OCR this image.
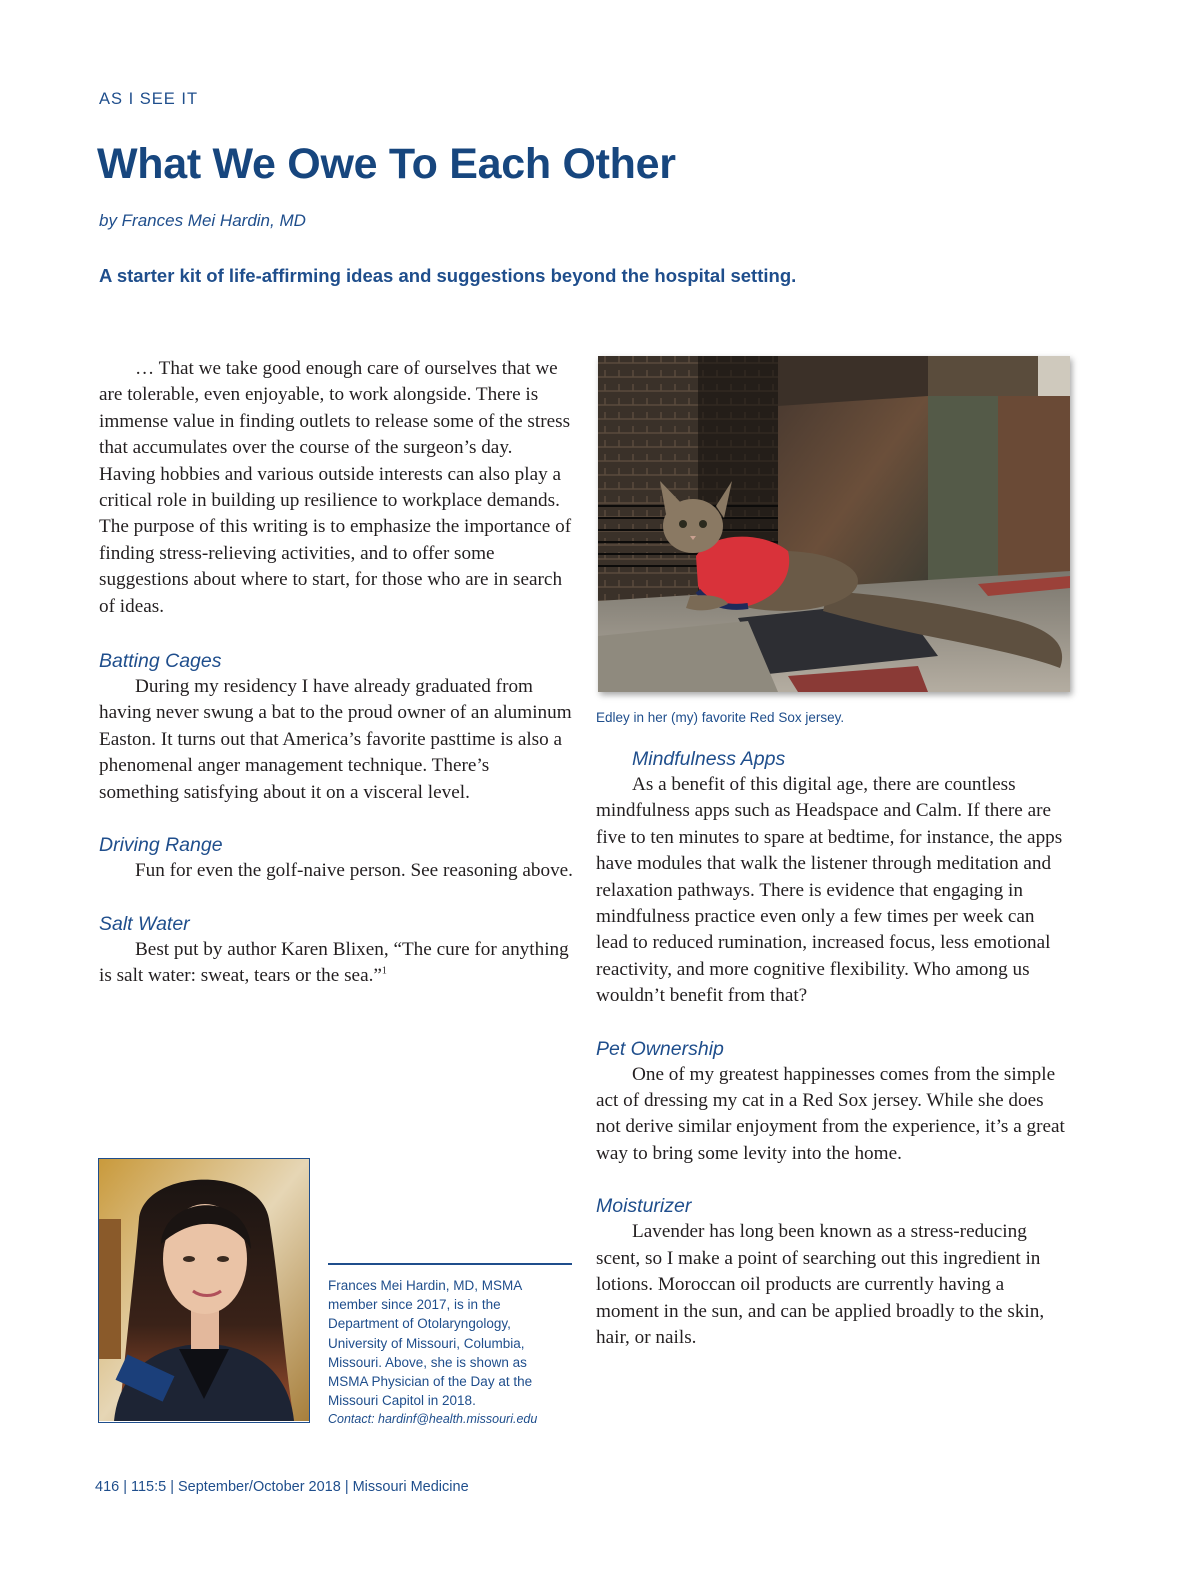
AS I SEE IT
What We Owe To Each Other
by Frances Mei Hardin, MD
A starter kit of life-affirming ideas and suggestions beyond the hospital setting.

… That we take good enough care of ourselves that we are tolerable, even enjoyable, to work alongside. There is immense value in finding outlets to release some of the stress that accumulates over the course of the surgeon’s day. Having hobbies and various outside interests can also play a critical role in building up resilience to workplace demands. The purpose of this writing is to emphasize the importance of finding stress-relieving activities, and to offer some suggestions about where to start, for those who are in search of ideas.

Batting Cages

During my residency I have already graduated from having never swung a bat to the proud owner of an aluminum Easton. It turns out that America’s favorite pasttime is also a phenomenal anger management technique. There’s something satisfying about it on a visceral level.

Driving Range

Fun for even the golf-naive person. See reasoning above.

Salt Water

Best put by author Karen Blixen, “The cure for anything is salt water: sweat, tears or the sea.”$^1$

Edley in her (my) favorite Red Sox jersey.
Mindfulness Apps

As a benefit of this digital age, there are countless mindfulness apps such as Headspace and Calm. If there are five to ten minutes to spare at bedtime, for instance, the apps have modules that walk the listener through meditation and relaxation pathways. There is evidence that engaging in mindfulness practice even only a few times per week can lead to reduced rumination, increased focus, less emotional reactivity, and more cognitive flexibility. Who among us wouldn’t benefit from that?

Pet Ownership

One of my greatest happinesses comes from the simple act of dressing my cat in a Red Sox jersey. While she does not derive similar enjoyment from the experience, it’s a great way to bring some levity into the home.

Moisturizer

Lavender has long been known as a stress-reducing scent, so I make a point of searching out this ingredient in lotions. Moroccan oil products are currently having a moment in the sun, and can be applied broadly to the skin, hair, or nails.

Frances Mei Hardin, MD, MSMA member since 2017, is in the Department of Otolaryngology, University of Missouri, Columbia, Missouri. Above, she is shown as MSMA Physician of the Day at the Missouri Capitol in 2018.
Contact: hardinf@health.missouri.edu
416 | 115:5 | September/October 2018 | Missouri Medicine
